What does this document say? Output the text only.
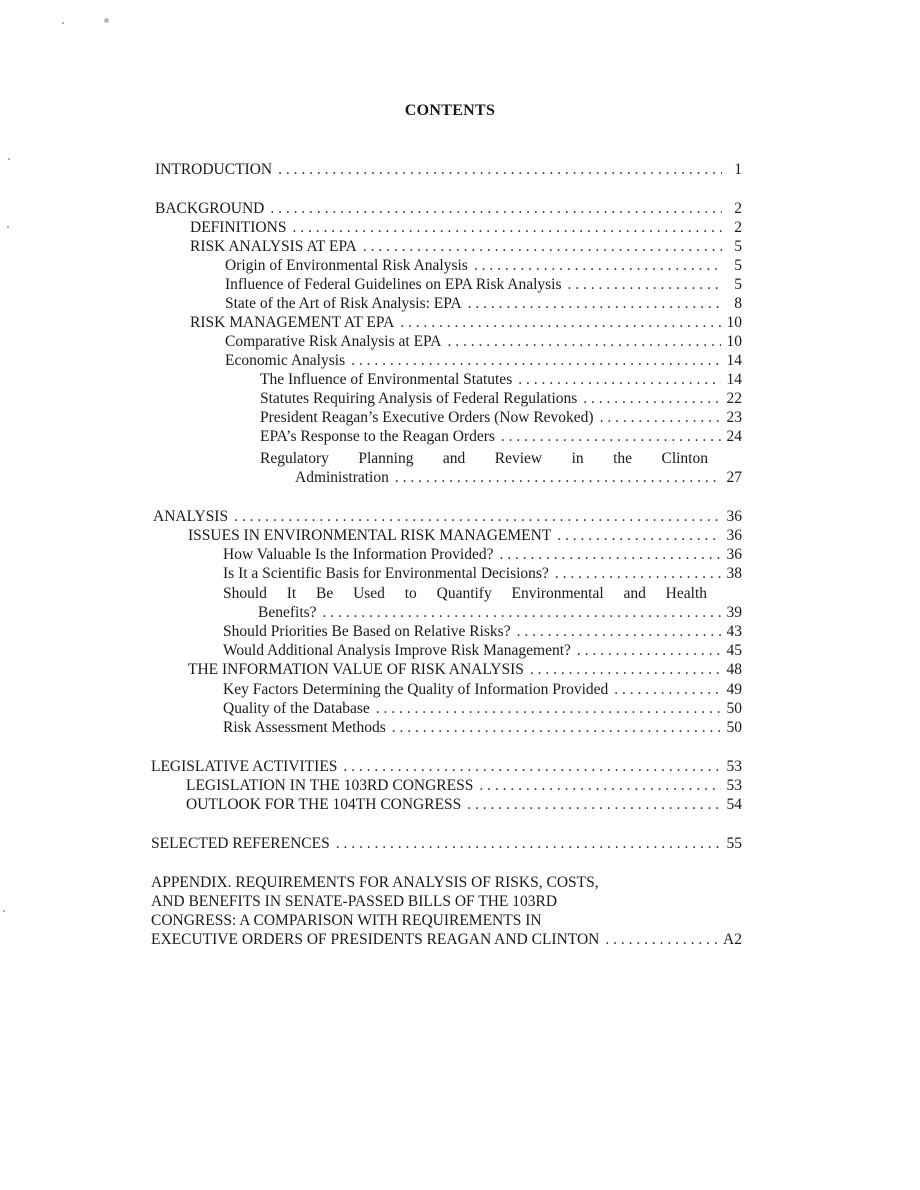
CONTENTS
INTRODUCTION . . .	1
BACKGROUND . . .	2
DEFINITIONS . . .	2
RISK ANALYSIS AT EPA . . .	5
Origin of Environmental Risk Analysis . . .	5
Influence of Federal Guidelines on EPA Risk Analysis . . .	5
State of the Art of Risk Analysis: EPA . . .	8
RISK MANAGEMENT AT EPA . . .	10
Comparative Risk Analysis at EPA . . .	10
Economic Analysis . . .	14
The Influence of Environmental Statutes . . .	14
Statutes Requiring Analysis of Federal Regulations . . .	22
President Reagan’s Executive Orders (Now Revoked) . . .	23
EPA’s Response to the Reagan Orders . . .	24
Regulatory Planning and Review in the Clinton
Administration . . .	27
ANALYSIS . . .	36
ISSUES IN ENVIRONMENTAL RISK MANAGEMENT . . .	36
How Valuable Is the Information Provided? . . .	36
Is It a Scientific Basis for Environmental Decisions? . . .	38
Should It Be Used to Quantify Environmental and Health
Benefits? . . .	39
Should Priorities Be Based on Relative Risks? . . .	43
Would Additional Analysis Improve Risk Management? . . .	45
THE INFORMATION VALUE OF RISK ANALYSIS . . .	48
Key Factors Determining the Quality of Information Provided . . .	49
Quality of the Database . . .	50
Risk Assessment Methods . . .	50
LEGISLATIVE ACTIVITIES . . .	53
LEGISLATION IN THE 103RD CONGRESS . . .	53
OUTLOOK FOR THE 104TH CONGRESS . . .	54
SELECTED REFERENCES . . .	55
APPENDIX. REQUIREMENTS FOR ANALYSIS OF RISKS, COSTS,
AND BENEFITS IN SENATE-PASSED BILLS OF THE 103RD
CONGRESS: A COMPARISON WITH REQUIREMENTS IN
EXECUTIVE ORDERS OF PRESIDENTS REAGAN AND CLINTON . . .	A2
